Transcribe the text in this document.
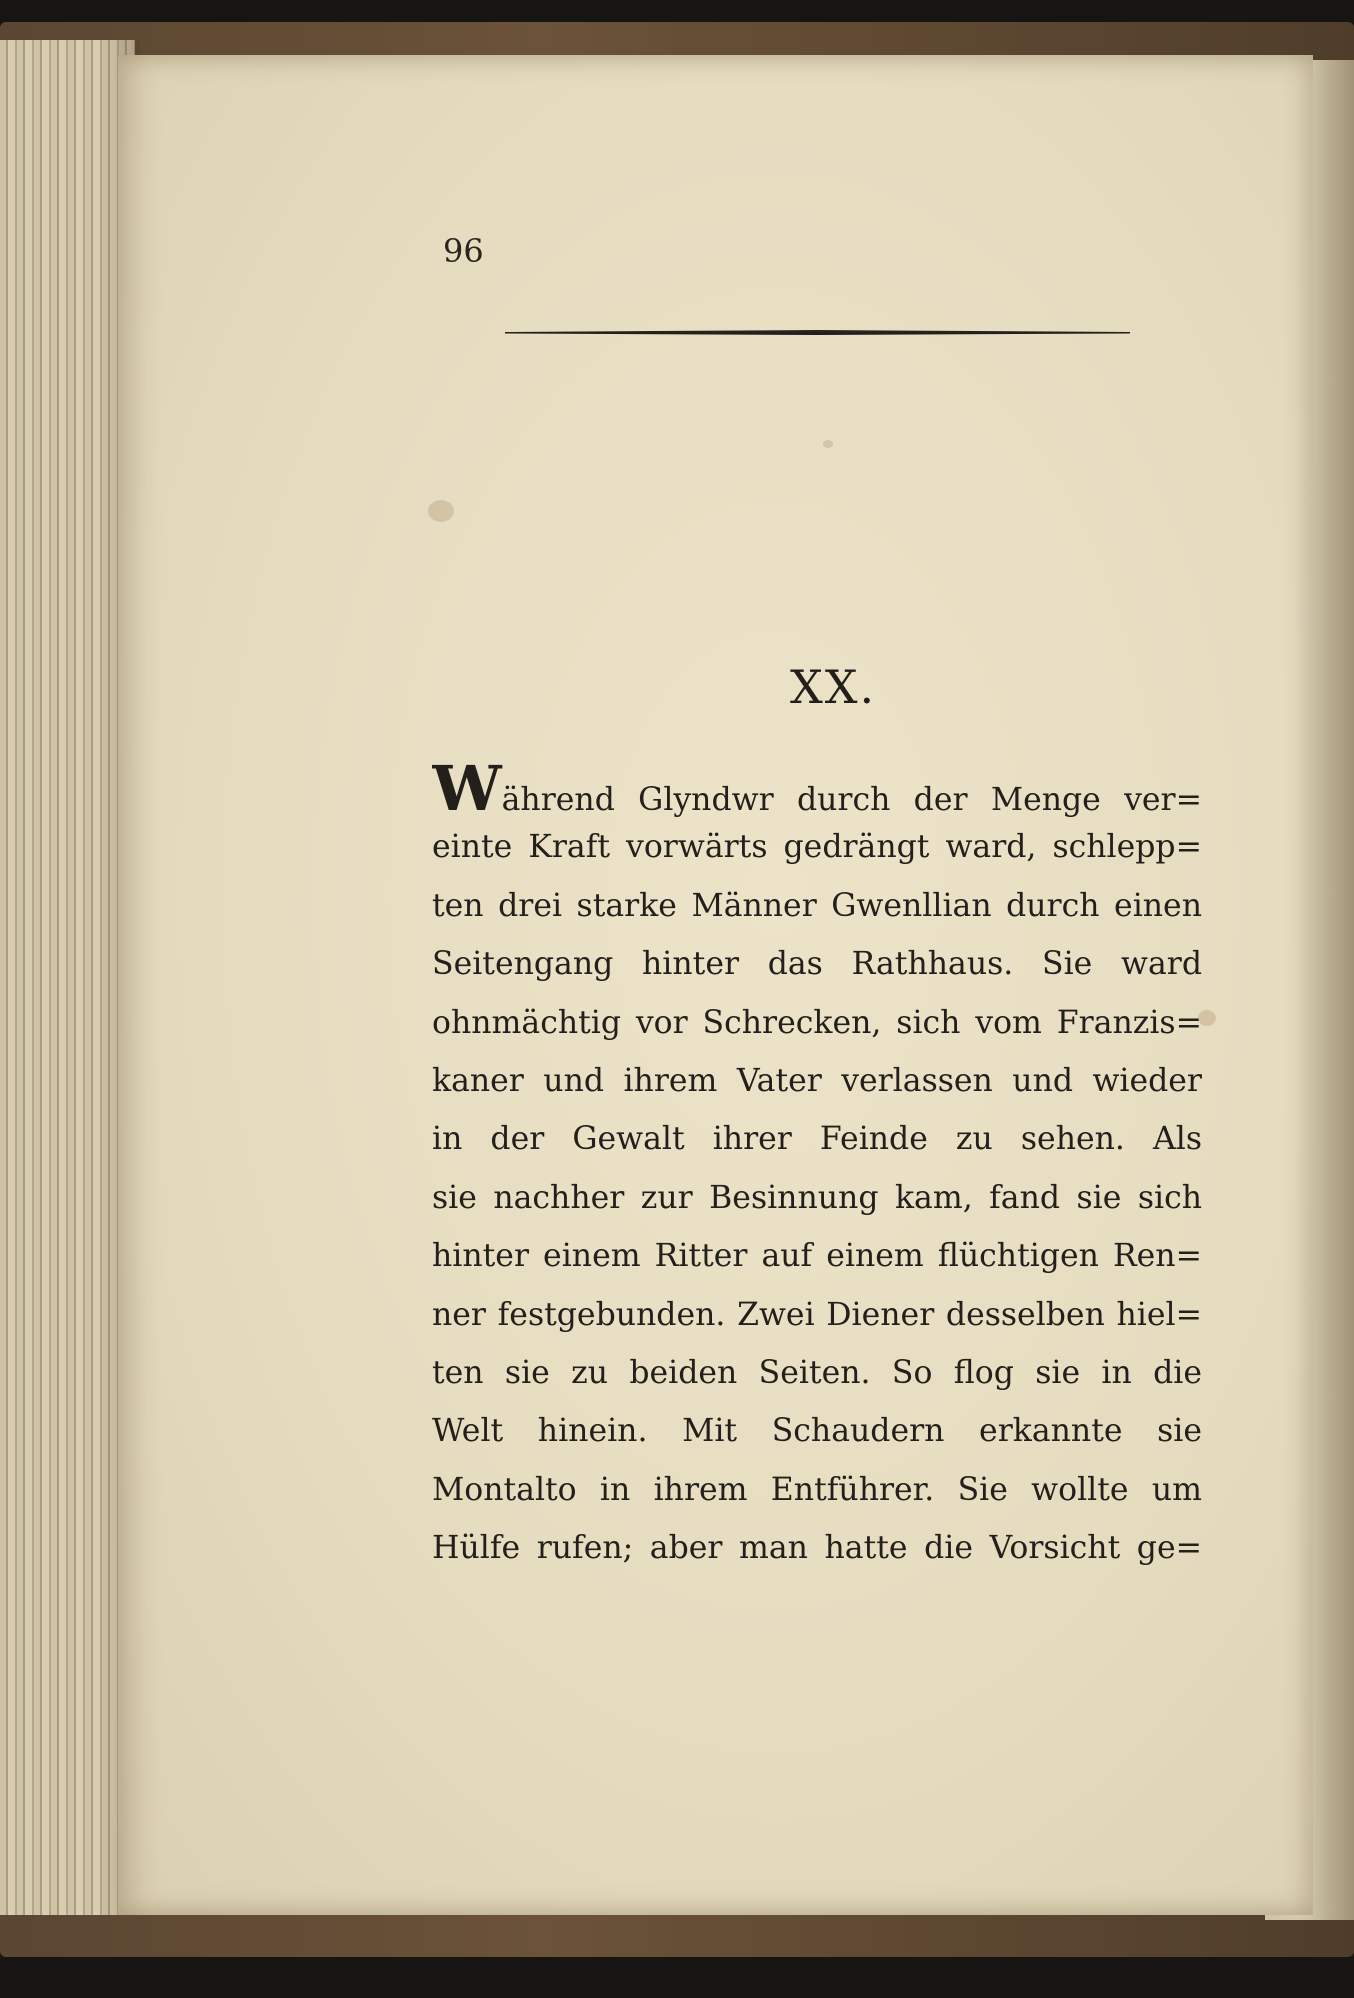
96
XX.
Während Glyndwr durch der Menge ver=
einte Kraft vorwärts gedrängt ward, schlepp=
ten drei starke Männer Gwenllian durch einen
Seitengang hinter das Rathhaus. Sie ward
ohnmächtig vor Schrecken, sich vom Franzis=
kaner und ihrem Vater verlassen und wieder
in der Gewalt ihrer Feinde zu sehen. Als
sie nachher zur Besinnung kam, fand sie sich
hinter einem Ritter auf einem flüchtigen Ren=
ner festgebunden. Zwei Diener desselben hiel=
ten sie zu beiden Seiten. So flog sie in die
Welt hinein. Mit Schaudern erkannte sie
Montalto in ihrem Entführer. Sie wollte um
Hülfe rufen; aber man hatte die Vorsicht ge=
